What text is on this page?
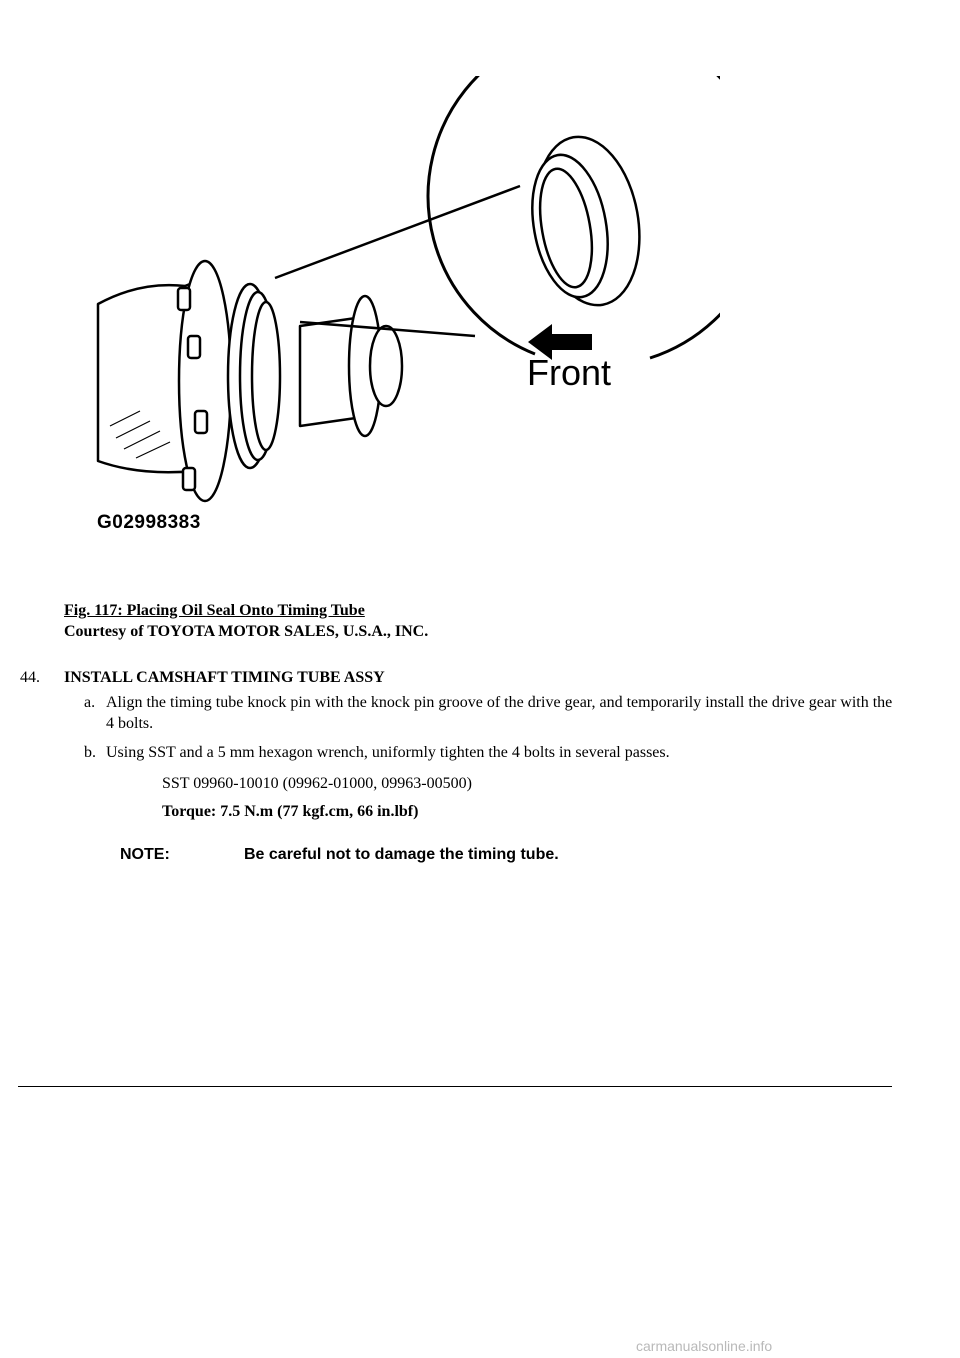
Front
G02998383
Fig. 117: Placing Oil Seal Onto Timing Tube
Courtesy of TOYOTA MOTOR SALES, U.S.A., INC.
44. INSTALL CAMSHAFT TIMING TUBE ASSY
a. Align the timing tube knock pin with the knock pin groove of the drive gear, and temporarily install the drive gear with the 4 bolts.
b. Using SST and a 5 mm hexagon wrench, uniformly tighten the 4 bolts in several passes.
SST 09960-10010 (09962-01000, 09963-00500)
Torque: 7.5 N.m (77 kgf.cm, 66 in.lbf)
NOTE:	Be careful not to damage the timing tube.
carmanualsonline.info
